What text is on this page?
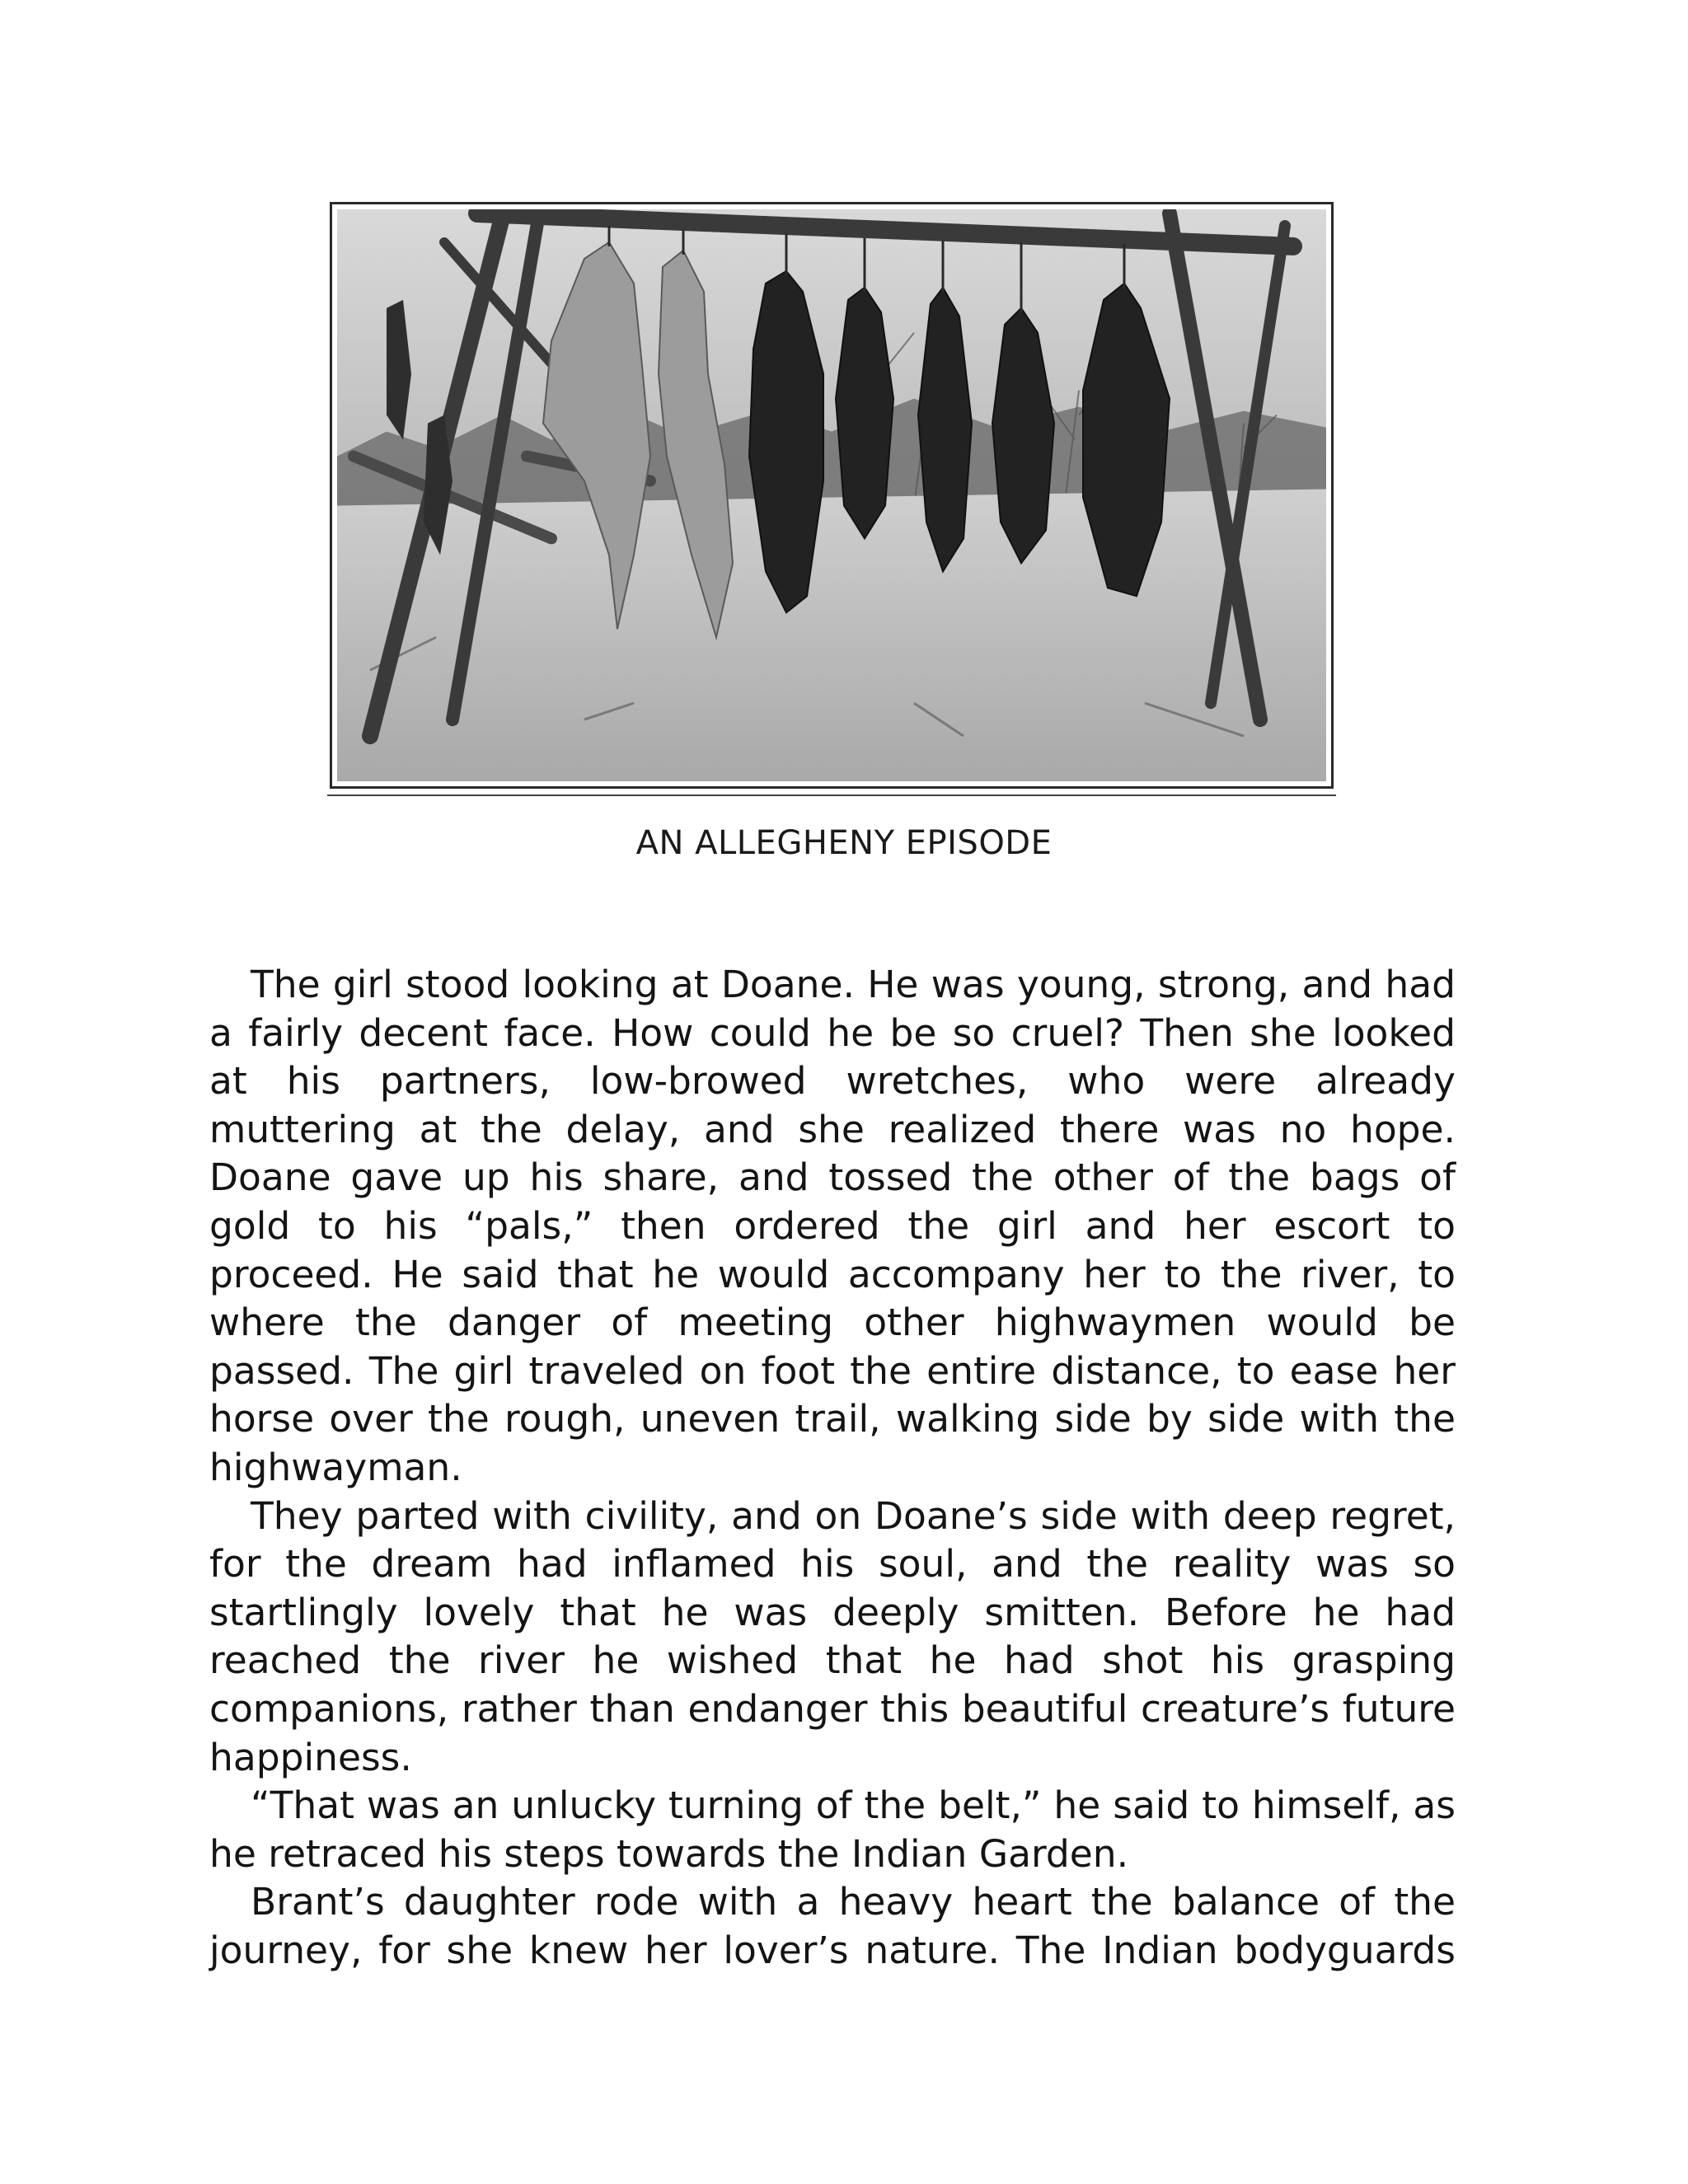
AN ALLEGHENY EPISODE

The girl stood looking at Doane. He was young, strong, and had a fairly decent face. How could he be so cruel? Then she looked at his partners, low-browed wretches, who were already muttering at the delay, and she realized there was no hope. Doane gave up his share, and tossed the other of the bags of gold to his “pals,” then ordered the girl and her escort to proceed. He said that he would accompany her to the river, to where the danger of meeting other highwaymen would be passed. The girl traveled on foot the entire distance, to ease her horse over the rough, uneven trail, walking side by side with the highwayman.

They parted with civility, and on Doane’s side with deep regret, for the dream had inflamed his soul, and the reality was so startlingly lovely that he was deeply smitten. Before he had reached the river he wished that he had shot his grasping companions, rather than endanger this beautiful creature’s future happiness.

“That was an unlucky turning of the belt,” he said to himself, as he retraced his steps towards the Indian Garden.

Brant’s daughter rode with a heavy heart the balance of the journey, for she knew her lover’s nature. The Indian bodyguards
